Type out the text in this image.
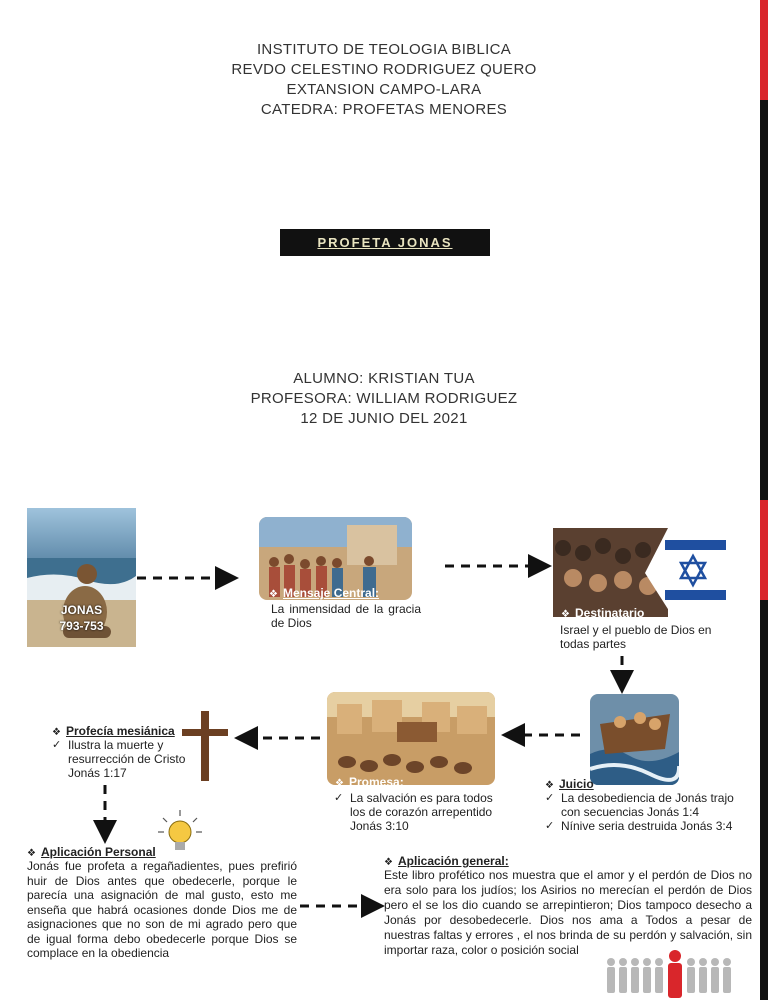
INSTITUTO DE TEOLOGIA BIBLICA
REVDO CELESTINO RODRIGUEZ QUERO
EXTANSION CAMPO-LARA
CATEDRA: PROFETAS MENORES
PROFETA JONAS
ALUMNO: KRISTIAN TUA
PROFESORA: WILLIAM RODRIGUEZ
12 DE JUNIO DEL 2021
JONAS
793-753
❖ Mensaje Central:
La inmensidad de la gracia de Dios
❖ Destinatario
Israel y el pueblo de Dios en todas partes
❖ Juicio
✓ La desobediencia de Jonás trajo con secuencias Jonás 1:4
✓ Nínive seria destruida Jonás 3:4
❖ Promesa:
✓ La salvación es para todos los de corazón arrepentido Jonás 3:10
❖ Profecía mesiánica
✓ Ilustra la muerte y resurrección de Cristo Jonás 1:17
❖ Aplicación Personal
Jonás fue profeta a regañadientes, pues prefirió huir de Dios antes que obedecerle, porque le parecía una asignación de mal gusto, esto me enseña que habrá ocasiones donde Dios me de asignaciones que no son de mi agrado pero que de igual forma debo obedecerle porque Dios se complace en la obediencia
❖ Aplicación general:
Este libro profético nos muestra que el amor y el perdón de Dios no era solo para los judíos; los Asirios no merecían el perdón de Dios pero el se los dio cuando se arrepintieron; Dios tampoco desecho a Jonás por desobedecerle. Dios nos ama a Todos a pesar de nuestras faltas y errores , el nos brinda de su perdón y salvación, sin importar raza, color o posición social
